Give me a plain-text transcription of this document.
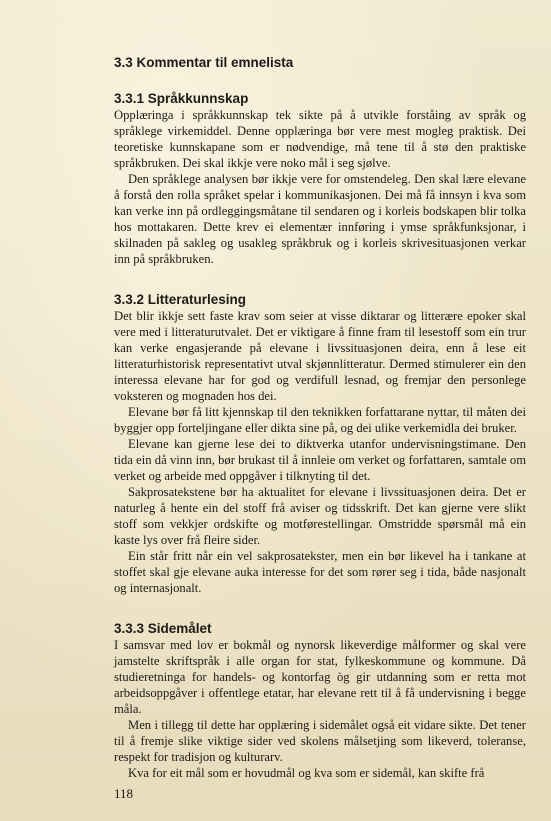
3.3 Kommentar til emnelista
3.3.1 Språkkunnskap

Opplæringa i språkkunnskap tek sikte på å utvikle forståing av språk og språklege virkemiddel. Denne opplæringa bør vere mest mogleg praktisk. Dei teoretiske kunnskapane som er nødvendige, må tene til å stø den praktiske språkbruken. Dei skal ikkje vere noko mål i seg sjølve.

Den språklege analysen bør ikkje vere for omstendeleg. Den skal lære elevane å forstå den rolla språket spelar i kommunikasjonen. Dei må få innsyn i kva som kan verke inn på ordleggingsmåtane til sendaren og i korleis bodskapen blir tolka hos mottakaren. Dette krev ei elementær innføring i ymse språkfunksjonar, i skilnaden på sakleg og usakleg språkbruk og i korleis skrivesituasjonen verkar inn på språkbruken.

3.3.2 Litteraturlesing

Det blir ikkje sett faste krav som seier at visse diktarar og litterære epoker skal vere med i litteraturutvalet. Det er viktigare å finne fram til lesestoff som ein trur kan verke engasjerande på elevane i livssituasjonen deira, enn å lese eit litteraturhistorisk representativt utval skjønnlitteratur. Dermed stimulerer ein den interessa elevane har for god og verdifull lesnad, og fremjar den personlege voksteren og mognaden hos dei.

Elevane bør få litt kjennskap til den teknikken forfattarane nyttar, til måten dei byggjer opp forteljingane eller dikta sine på, og dei ulike verkemidla dei bruker.

Elevane kan gjerne lese dei to diktverka utanfor undervisningstimane. Den tida ein då vinn inn, bør brukast til å innleie om verket og forfattaren, samtale om verket og arbeide med oppgåver i tilknyting til det.

Sakprosatekstene bør ha aktualitet for elevane i livssituasjonen deira. Det er naturleg å hente ein del stoff frå aviser og tidsskrift. Det kan gjerne vere slikt stoff som vekkjer ordskifte og motførestellingar. Omstridde spørsmål må ein kaste lys over frå fleire sider.

Ein står fritt når ein vel sakprosatekster, men ein bør likevel ha i tankane at stoffet skal gje elevane auka interesse for det som rører seg i tida, både nasjonalt og internasjonalt.

3.3.3 Sidemålet

I samsvar med lov er bokmål og nynorsk likeverdige målformer og skal vere jamstelte skriftspråk i alle organ for stat, fylkeskommune og kommune. Då studieretninga for handels- og kontorfag òg gir utdanning som er retta mot arbeidsoppgåver i offentlege etatar, har elevane rett til å få undervisning i begge måla.

Men i tillegg til dette har opplæring i sidemålet også eit vidare sikte. Det tener til å fremje slike viktige sider ved skolens målsetjing som likeverd, toleranse, respekt for tradisjon og kulturarv.

Kva for eit mål som er hovudmål og kva som er sidemål, kan skifte frå

118
